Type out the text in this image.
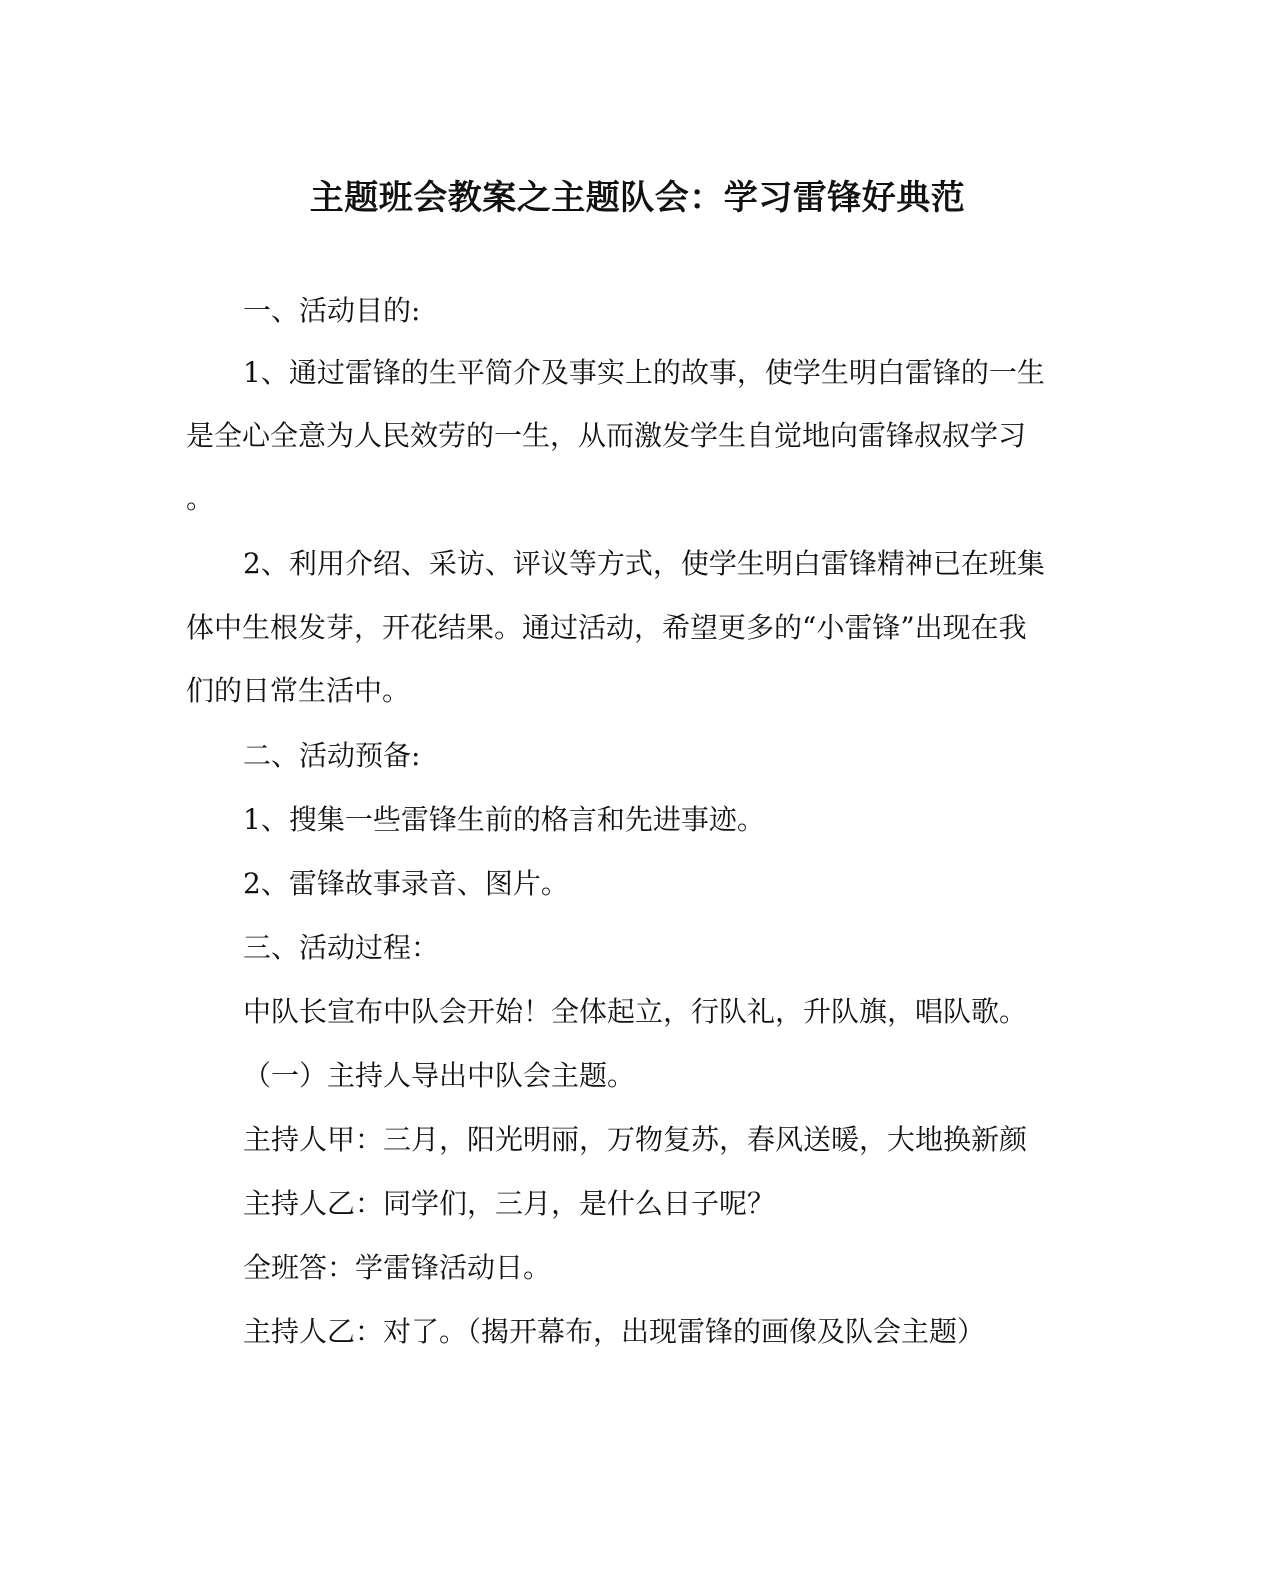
主题班会教案之主题队会：学习雷锋好典范
一、活动目的:
1、通过雷锋的生平简介及事实上的故事，使学生明白雷锋的一生
是全心全意为人民效劳的一生，从而激发学生自觉地向雷锋叔叔学习
。
2、利用介绍、采访、评议等方式，使学生明白雷锋精神已在班集
体中生根发芽，开花结果。通过活动，希望更多的“小雷锋”出现在我
们的日常生活中。
二、活动预备:
1、搜集一些雷锋生前的格言和先进事迹。
2、雷锋故事录音、图片。
三、活动过程：
中队长宣布中队会开始！全体起立，行队礼，升队旗，唱队歌。
（一）主持人导出中队会主题。
主持人甲：三月，阳光明丽，万物复苏，春风送暖，大地换新颜
主持人乙：同学们，三月，是什么日子呢？
全班答：学雷锋活动日。
主持人乙：对了。（揭开幕布，出现雷锋的画像及队会主题）
